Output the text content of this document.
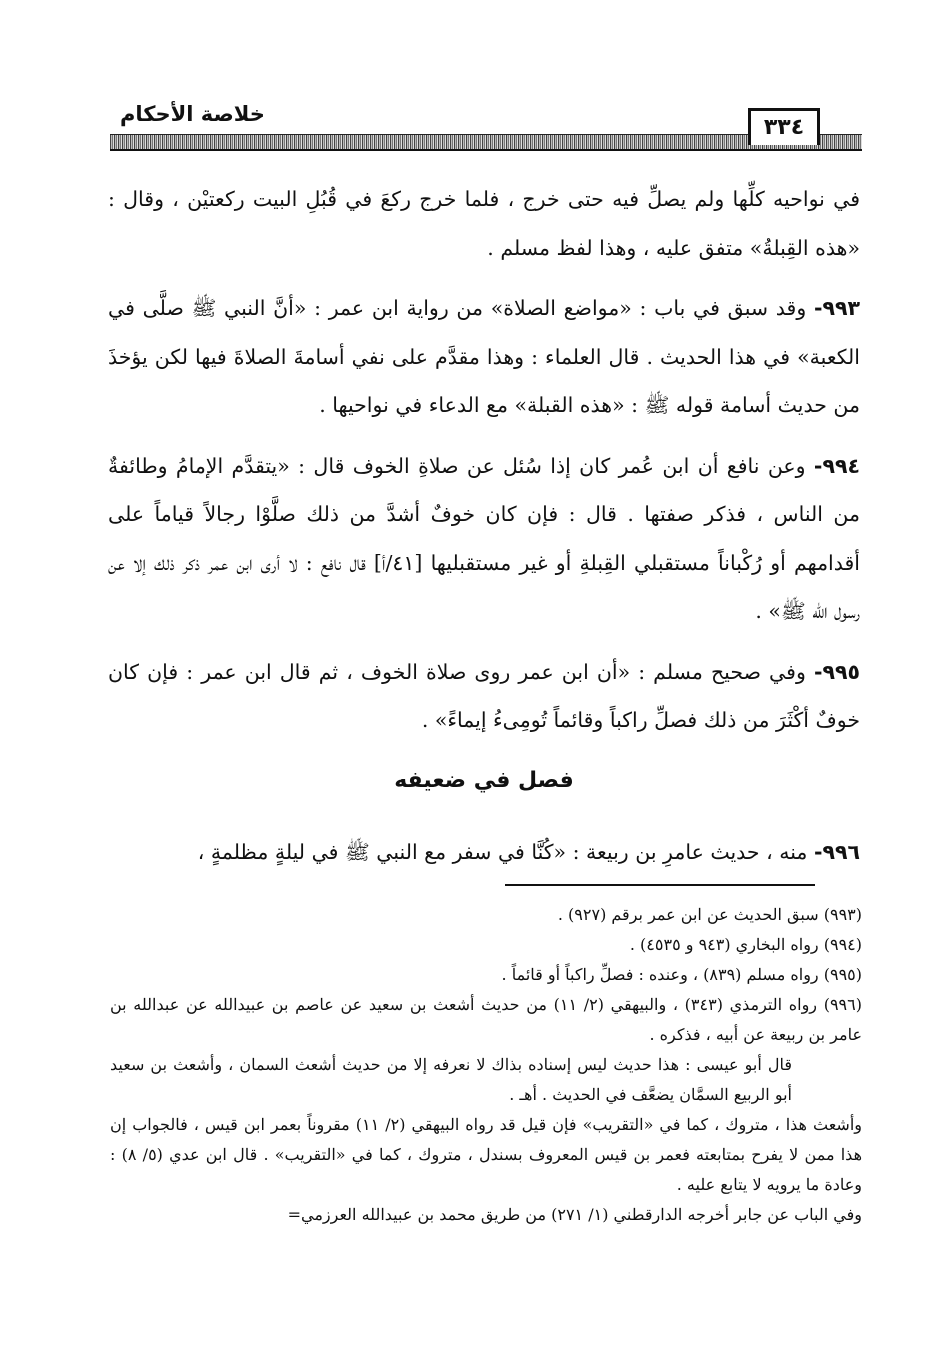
خلاصة الأحكام
٣٣٤

في نواحيه كلِّها ولم يصلِّ فيه حتى خرج ، فلما خرج ركعَ في قُبُلِ البيت ركعتيْن ، وقال : «هذه القِبلةُ» متفق عليه ، وهذا لفظ مسلم .

٩٩٣- وقد سبق في باب : «مواضع الصلاة» من رواية ابن عمر : «أنَّ النبي ﷺ صلَّى في الكعبة» في هذا الحديث . قال العلماء : وهذا مقدَّم على نفي أسامةَ الصلاةَ فيها لكن يؤخذَ من حديث أسامة قوله ﷺ : «هذه القبلة» مع الدعاء في نواحيها .

٩٩٤- وعن نافع أن ابن عُمر كان إذا سُئل عن صلاةِ الخوف قال : «يتقدَّم الإمامُ وطائفةٌ من الناس ، فذكر صفتها . قال : فإن كان خوفٌ أشدَّ من ذلك صلَّوْا رجالاً قياماً على أقدامهم أو رُكْباناً مستقبلي القِبلةِ أو غير مستقبليها [٤١/أ] قال نافع : لا أرى ابن عمر ذكر ذلك إلا عن رسول الله ﷺ» .

٩٩٥- وفي صحيح مسلم : «أن ابن عمر روى صلاة الخوف ، ثم قال ابن عمر : فإن كان خوفٌ أكْثَرَ من ذلك فصلِّ راكباً وقائماً تُومِىءُ إيماءً» .

فصل في ضعيفه
٩٩٦- منه ، حديث عامرِ بن ربيعة : «كُنَّا في سفر مع النبي ﷺ في ليلةٍ مظلمةٍ ،

(٩٩٣) سبق الحديث عن ابن عمر برقم (٩٢٧) .

(٩٩٤) رواه البخاري (٩٤٣ و ٤٥٣٥) .

(٩٩٥) رواه مسلم (٨٣٩) ، وعنده : فصلِّ راكباً أو قائماً .

(٩٩٦) رواه الترمذي (٣٤٣) ، والبيهقي (٢/ ١١) من حديث أشعث بن سعيد عن عاصم بن عبيدالله عن عبدالله بن عامر بن ربيعة عن أبيه ، فذكره .

قال أبو عيسى : هذا حديث ليس إسناده بذاك لا نعرفه إلا من حديث أشعث السمان ، وأشعث بن سعيد أبو الربيع السمَّان يضعَّف في الحديث . أهـ .

وأشعث هذا ، متروك ، كما في «التقريب» فإن قيل قد رواه البيهقي (٢/ ١١) مقروناً بعمر ابن قيس ، فالجواب إن هذا ممن لا يفرح بمتابعته فعمر بن قيس المعروف بسندل ، متروك ، كما في «التقريب» . قال ابن عدي (٥/ ٨) : وعادة ما يرويه لا يتابع عليه .

وفي الباب عن جابر أخرجه الدارقطني (١/ ٢٧١) من طريق محمد بن عبيدالله العرزمي=
